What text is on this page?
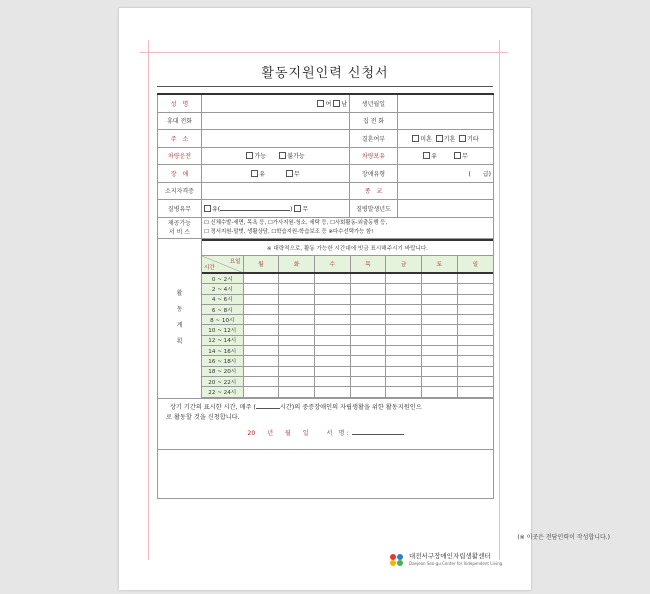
활동지원인력 신청서
성　명	여 남	생년월일	
휴대 전화		집 전 화	
주　소		결혼여부	미혼 기혼 기타
차량운전	가능	불가능	차량보유	유	무
장　애	유	무	장애유형	(　　급)
소지자격증		종　교	
질병유무	유(	) 무	질병발생년도	

제공가능
서 비 스

☐ 신체수발-세면, 목욕 등, ☐가사지원-청소, 세탁 등, ☐사회활동-외출동행 등,
☐ 정서지원-말벗, 생활상담, ☐학습지원-학습보조 등 ※다수선택가능 함!

활
동
계
획

※ 대략적으로, 활동 가능한 시간대에 빗금 표시해주시기 바랍니다.

요일
시간
	월	화	수	목	금	토	일
0 ~ 2시							
2 ~ 4시							
4 ~ 6시							
6 ~ 8시							
8 ~ 10시							
10 ~ 12시							
12 ~ 14시							
14 ~ 16시							
16 ~ 18시							
18 ~ 20시							
20 ~ 22시							
22 ~ 24시							

상기 기간의 표시한 시간, 매주 (	시간)의 중증장애인의 자립생활을 위한 활동지원인으
로 활동할 것을 신청합니다.
20 년 월 일	서　명 :

(※ 이곳은 전담인력이 작성합니다.)
대전서구장애인자립생활센터
Daejeon Seo-gu Center for Independent Living
